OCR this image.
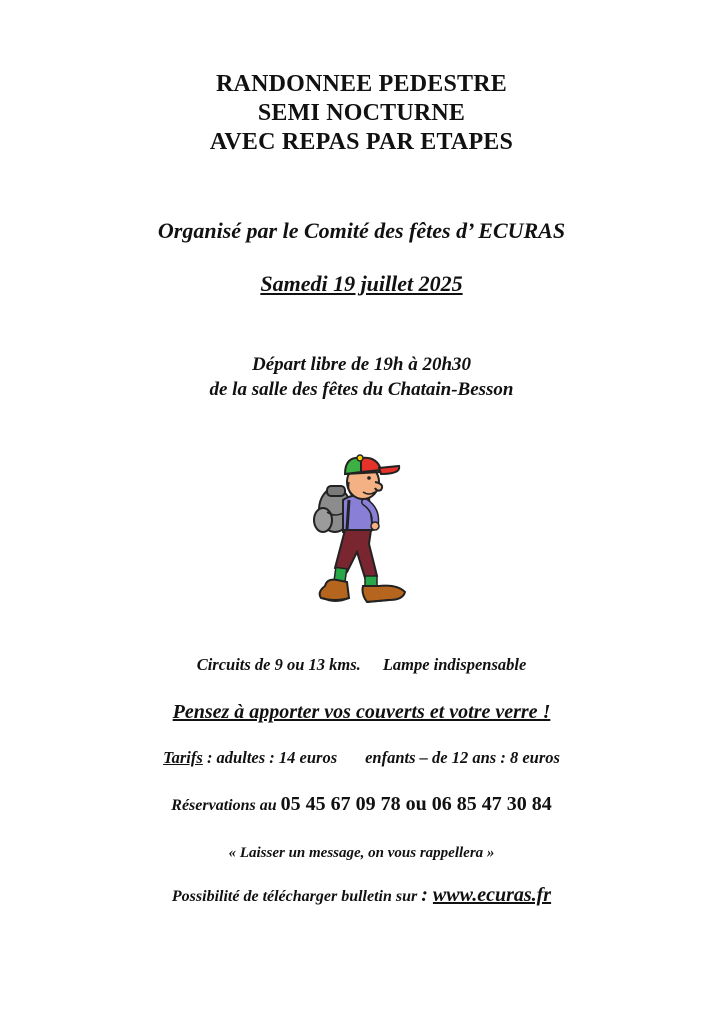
RANDONNEE PEDESTRE
SEMI NOCTURNE
AVEC REPAS PAR ETAPES
Organisé par le Comité des fêtes d’ ECURAS
Samedi 19 juillet 2025
Départ libre de 19h à 20h30
de la salle des fêtes du Chatain-Besson
Circuits de 9 ou 13 kms. Lampe indispensable
Pensez à apporter vos couverts et votre verre !
Tarifs : adultes : 14 euros enfants – de 12 ans : 8 euros
Réservations au 05 45 67 09 78 ou 06 85 47 30 84
« Laisser un message, on vous rappellera »
Possibilité de télécharger bulletin sur : www.ecuras.fr
